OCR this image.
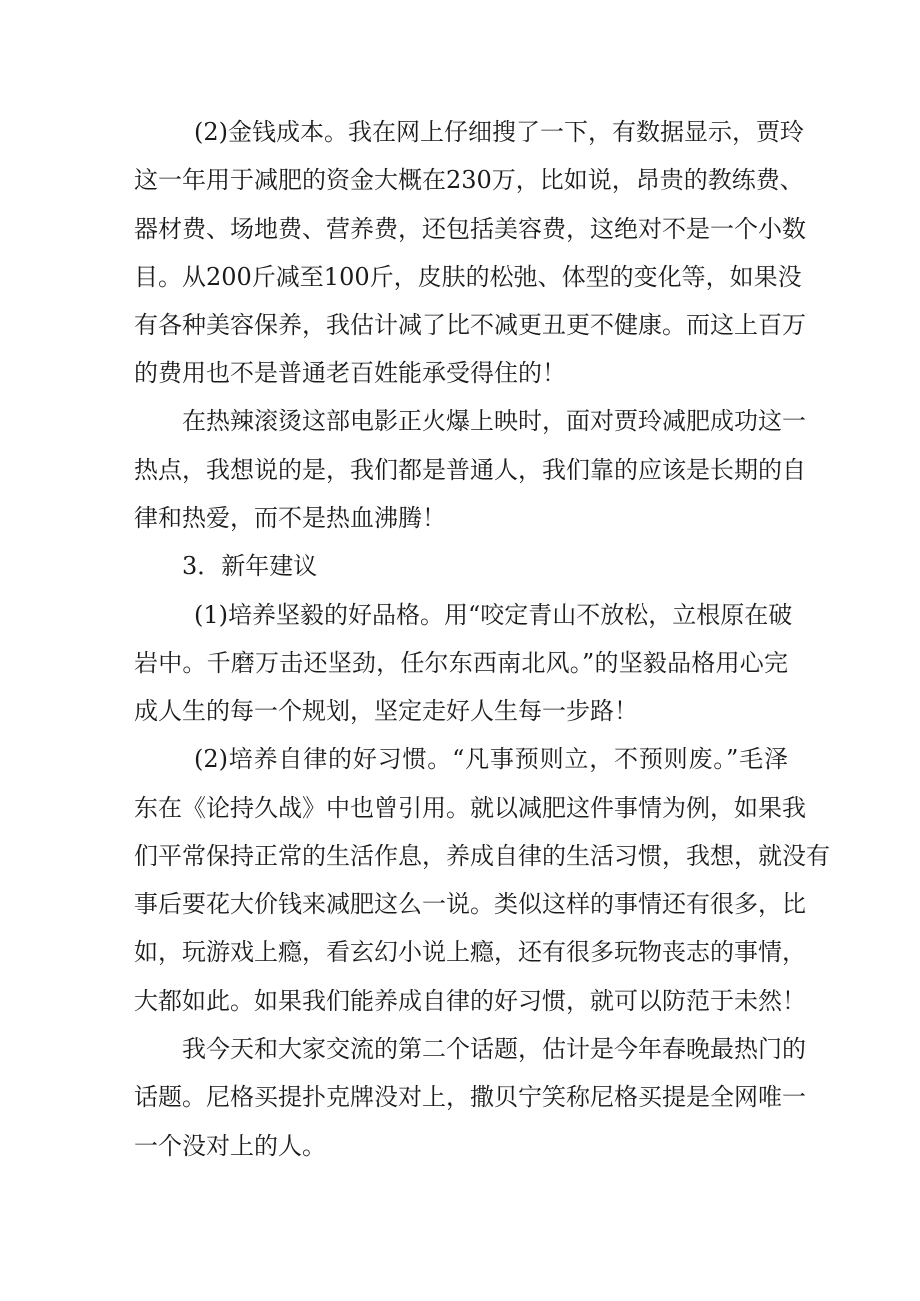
(2)金钱成本。我在网上仔细搜了一下，有数据显示，贾玲
这一年用于减肥的资金大概在230万，比如说，昂贵的教练费、
器材费、场地费、营养费，还包括美容费，这绝对不是一个小数
目。从200斤减至100斤，皮肤的松弛、体型的变化等，如果没
有各种美容保养，我估计减了比不减更丑更不健康。而这上百万
的费用也不是普通老百姓能承受得住的！
在热辣滚烫这部电影正火爆上映时，面对贾玲减肥成功这一
热点，我想说的是，我们都是普通人，我们靠的应该是长期的自
律和热爱，而不是热血沸腾！
3．新年建议
(1)培养坚毅的好品格。用“咬定青山不放松，立根原在破
岩中。千磨万击还坚劲，任尔东西南北风。”的坚毅品格用心完
成人生的每一个规划，坚定走好人生每一步路！
(2)培养自律的好习惯。“凡事预则立，不预则废。”毛泽
东在《论持久战》中也曾引用。就以减肥这件事情为例，如果我
们平常保持正常的生活作息，养成自律的生活习惯，我想，就没有
事后要花大价钱来减肥这么一说。类似这样的事情还有很多，比
如，玩游戏上瘾，看玄幻小说上瘾，还有很多玩物丧志的事情，
大都如此。如果我们能养成自律的好习惯，就可以防范于未然！
我今天和大家交流的第二个话题，估计是今年春晚最热门的
话题。尼格买提扑克牌没对上，撒贝宁笑称尼格买提是全网唯一
一个没对上的人。
